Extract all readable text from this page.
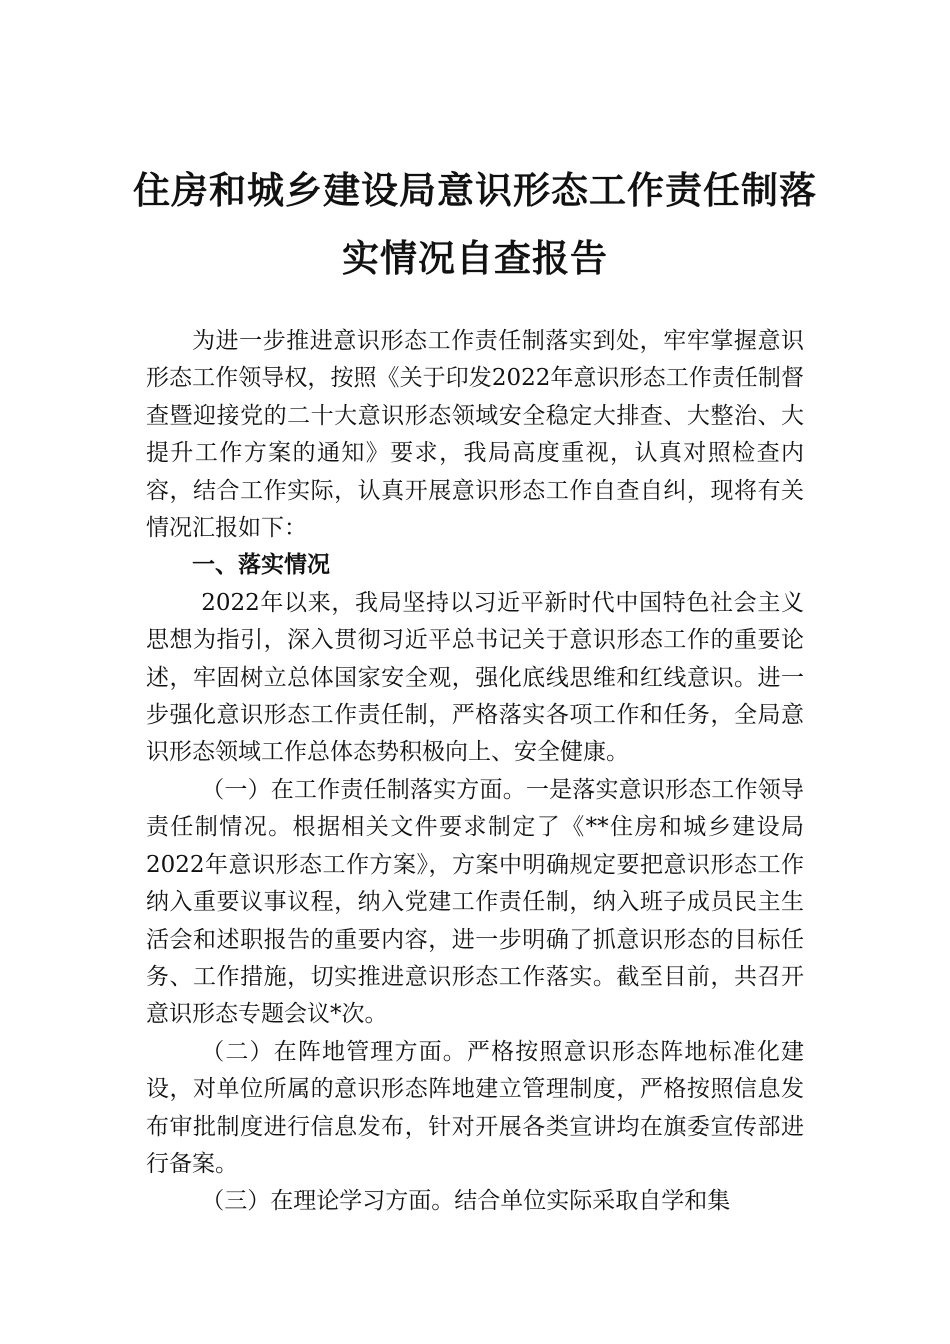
住房和城乡建设局意识形态工作责任制落
实情况自查报告

为进一步推进意识形态工作责任制落实到处，牢牢掌握意识形态工作领导权，按照《关于印发2022年意识形态工作责任制督查暨迎接党的二十大意识形态领域安全稳定大排查、大整治、大提升工作方案的通知》要求，我局高度重视，认真对照检查内容，结合工作实际，认真开展意识形态工作自查自纠，现将有关情况汇报如下：

一、落实情况

2022年以来，我局坚持以习近平新时代中国特色社会主义思想为指引，深入贯彻习近平总书记关于意识形态工作的重要论述，牢固树立总体国家安全观，强化底线思维和红线意识。进一步强化意识形态工作责任制，严格落实各项工作和任务，全局意识形态领域工作总体态势积极向上、安全健康。

（一）在工作责任制落实方面。一是落实意识形态工作领导责任制情况。根据相关文件要求制定了《**住房和城乡建设局2022年意识形态工作方案》，方案中明确规定要把意识形态工作纳入重要议事议程，纳入党建工作责任制，纳入班子成员民主生活会和述职报告的重要内容，进一步明确了抓意识形态的目标任务、工作措施，切实推进意识形态工作落实。截至目前，共召开意识形态专题会议*次。

（二）在阵地管理方面。严格按照意识形态阵地标准化建设，对单位所属的意识形态阵地建立管理制度，严格按照信息发布审批制度进行信息发布，针对开展各类宣讲均在旗委宣传部进行备案。

（三）在理论学习方面。结合单位实际采取自学和集
